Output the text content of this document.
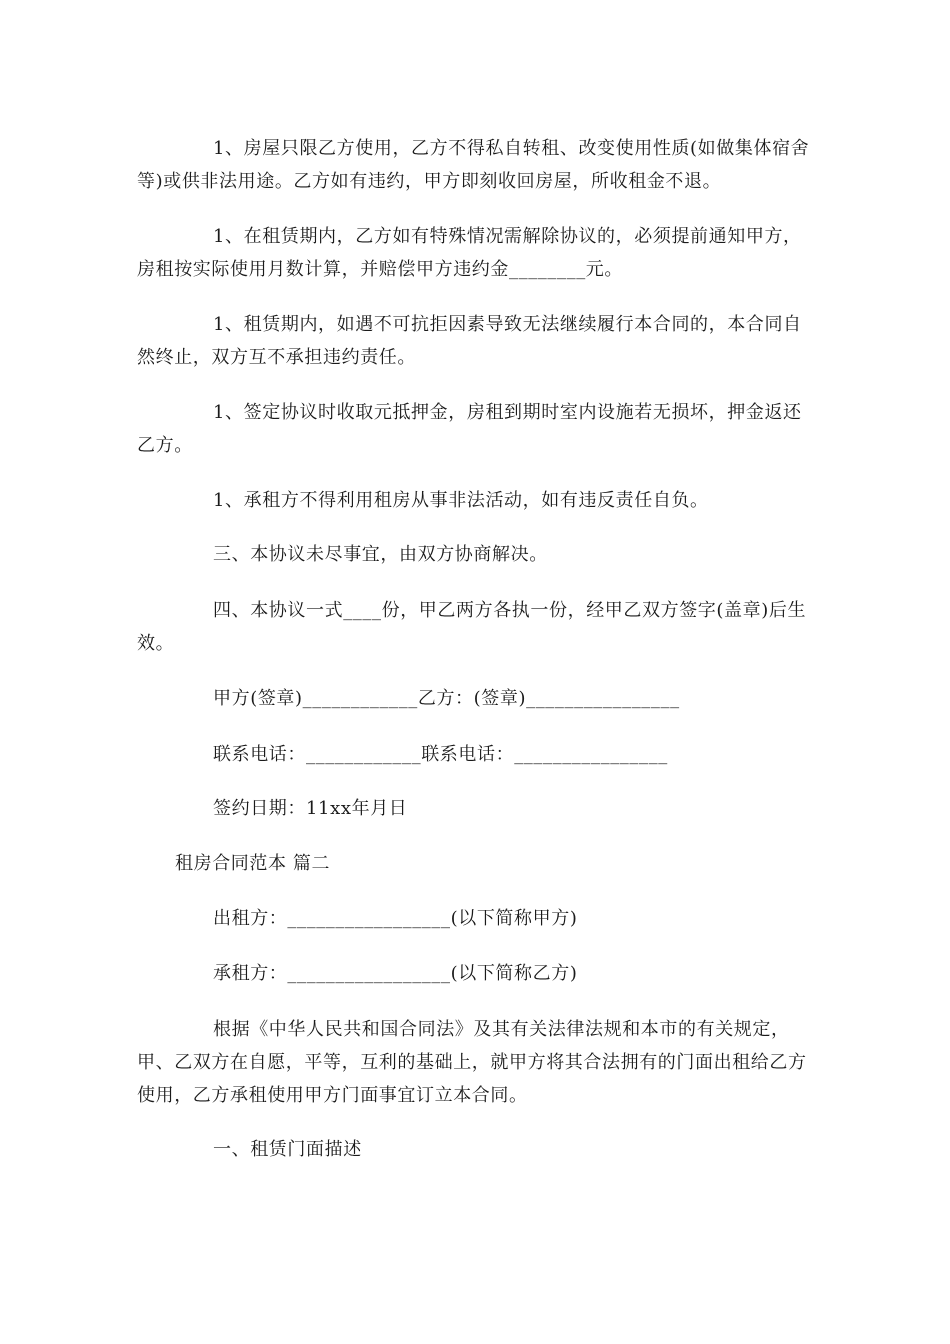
1、房屋只限乙方使用，乙方不得私自转租、改变使用性质(如做集体宿舍等)或供非法用途。乙方如有违约，甲方即刻收回房屋，所收租金不退。

1、在租赁期内，乙方如有特殊情况需解除协议的，必须提前通知甲方，房租按实际使用月数计算，并赔偿甲方违约金________元。

1、租赁期内，如遇不可抗拒因素导致无法继续履行本合同的，本合同自然终止，双方互不承担违约责任。

1、签定协议时收取元抵押金，房租到期时室内设施若无损坏，押金返还乙方。

1、承租方不得利用租房从事非法活动，如有违反责任自负。

三、本协议未尽事宜，由双方协商解决。

四、本协议一式____份，甲乙两方各执一份，经甲乙双方签字(盖章)后生效。

甲方(签章)____________乙方：(签章)________________

联系电话：____________联系电话：________________

签约日期：11xx年月日

租房合同范本 篇二

出租方：_________________(以下简称甲方)

承租方：_________________(以下简称乙方)

根据《中华人民共和国合同法》及其有关法律法规和本市的有关规定，甲、乙双方在自愿，平等，互利的基础上，就甲方将其合法拥有的门面出租给乙方使用，乙方承租使用甲方门面事宜订立本合同。

一、租赁门面描述
